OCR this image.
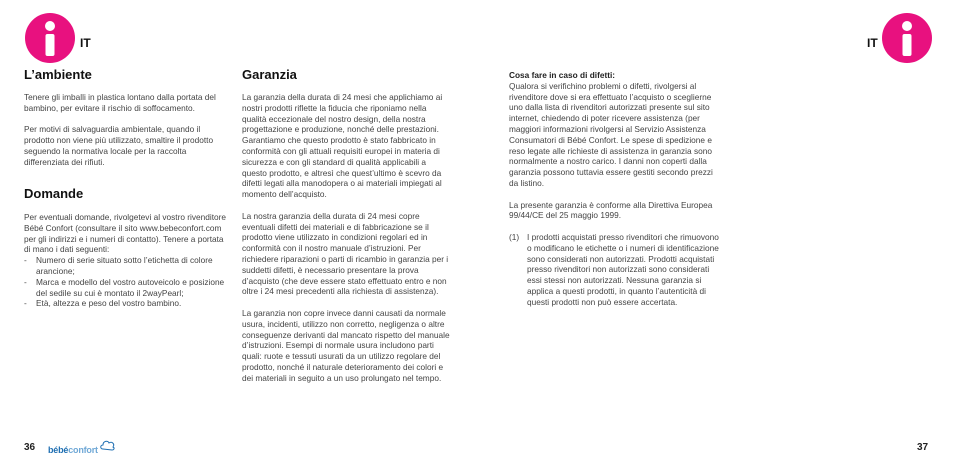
IT
L’ambiente

Tenere gli imballi in plastica lontano dalla portata del bambino, per evitare il rischio di soffocamento.

Per motivi di salvaguardia ambientale, quando il prodotto non viene più utilizzato, smaltire il prodotto seguendo la normativa locale per la raccolta differenziata dei rifiuti.

Domande

Per eventuali domande, rivolgetevi al vostro rivenditore Bébé Confort (consultare il sito www.bebeconfort.com per gli indirizzi e i numeri di contatto). Tenere a portata di mano i dati seguenti:

- Numero di serie situato sotto l’etichetta di colore arancione;
- Marca e modello del vostro autoveicolo e posizione del sedile su cui è montato il 2wayPearl;
- Età, altezza e peso del vostro bambino.
Garanzia

La garanzia della durata di 24 mesi che applichiamo ai nostri prodotti riflette la fiducia che riponiamo nella qualità eccezionale del nostro design, della nostra progettazione e produzione, nonché delle prestazioni. Garantiamo che questo prodotto è stato fabbricato in conformità con gli attuali requisiti europei in materia di sicurezza e con gli standard di qualità applicabili a questo prodotto, e altresì che quest’ultimo è scevro da difetti legati alla manodopera o ai materiali impiegati al momento dell’acquisto.

La nostra garanzia della durata di 24 mesi copre eventuali difetti dei materiali e di fabbricazione se il prodotto viene utilizzato in condizioni regolari ed in conformità con il nostro manuale d’istruzioni. Per richiedere riparazioni o parti di ricambio in garanzia per i suddetti difetti, è necessario presentare la prova d’acquisto (che deve essere stato effettuato entro e non oltre i 24 mesi precedenti alla richiesta di assistenza).

La garanzia non copre invece danni causati da normale usura, incidenti, utilizzo non corretto, negligenza o altre conseguenze derivanti dal mancato rispetto del manuale d’istruzioni. Esempi di normale usura includono parti quali: ruote e tessuti usurati da un utilizzo regolare del prodotto, nonché il naturale deterioramento dei colori e dei materiali in seguito a un uso prolungato nel tempo.

36 bébéconfort
IT

Cosa fare in caso di difetti:

Qualora si verifichino problemi o difetti, rivolgersi al rivenditore dove si era effettuato l’acquisto o sceglierne uno dalla lista di rivenditori autorizzati presente sul sito internet, chiedendo di poter ricevere assistenza (per maggiori informazioni rivolgersi al Servizio Assistenza Consumatori di Bébé Confort. Le spese di spedizione e reso legate alle richieste di assistenza in garanzia sono normalmente a nostro carico. I danni non coperti dalla garanzia possono tuttavia essere gestiti secondo prezzi da listino.

La presente garanzia è conforme alla Direttiva Europea 99/44/CE del 25 maggio 1999.

(1) I prodotti acquistati presso rivenditori che rimuovono o modificano le etichette o i numeri di identificazione sono considerati non autorizzati. Prodotti acquistati presso rivenditori non autorizzati sono considerati essi stessi non autorizzati. Nessuna garanzia si applica a questi prodotti, in quanto l’autenticità di questi prodotti non può essere accertata.

37
